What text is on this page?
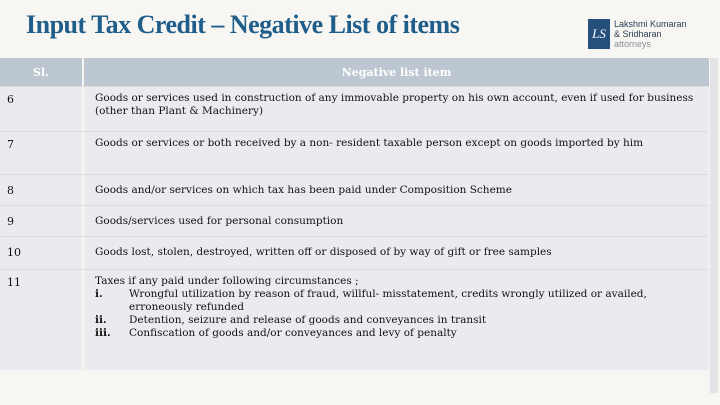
Input Tax Credit – Negative List of items	LS
Lakshmi Kumaran
& Sridharan
attorneys
Sl.	Negative list item
6	Goods or services used in construction of any immovable property on his own account, even if used for business (other than Plant & Machinery)
7	Goods or services or both received by a non- resident taxable person except on goods imported by him
8	Goods and/or services on which tax has been paid under Composition Scheme
9	Goods/services used for personal consumption
10	Goods lost, stolen, destroyed, written off or disposed of by way of gift or free samples
11	Taxes if any paid under following circumstances ;
i.	Wrongful utilization by reason of fraud, willful- misstatement, credits wrongly utilized or availed, erroneously refunded
ii.	Detention, seizure and release of goods and conveyances in transit
iii.	Confiscation of goods and/or conveyances and levy of penalty
